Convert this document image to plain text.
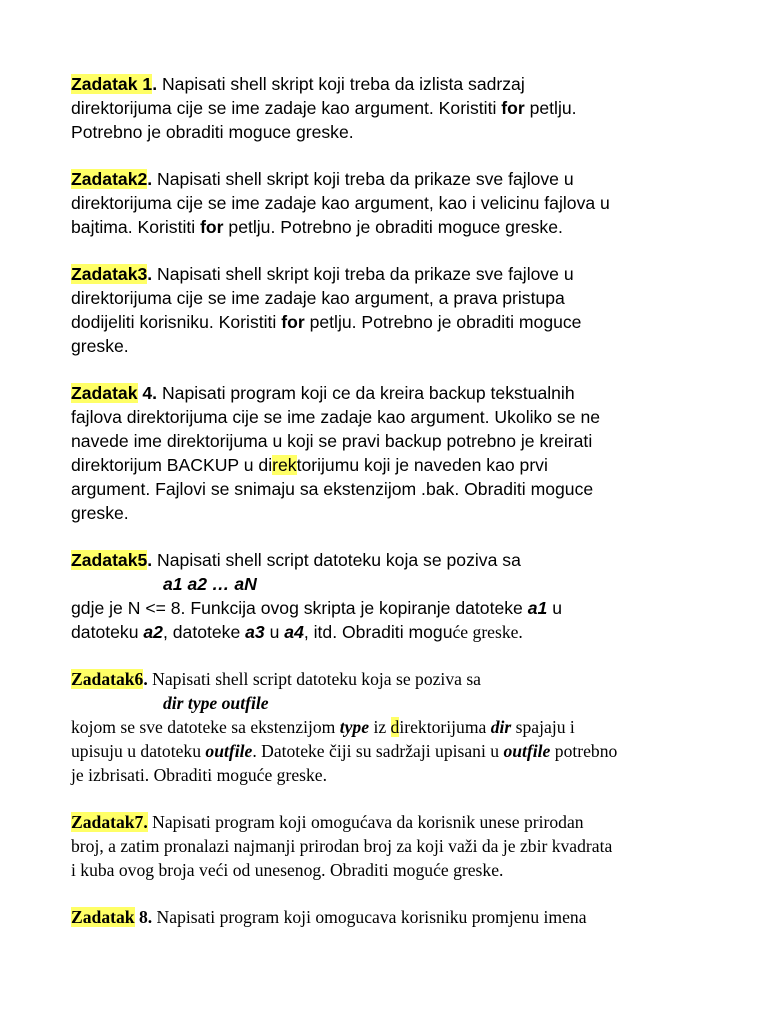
Zadatak 1. Napisati shell skript koji treba da izlista sadrzaj
direktorijuma cije se ime zadaje kao argument. Koristiti for petlju.
Potrebno je obraditi moguce greske.
Zadatak2. Napisati shell skript koji treba da prikaze sve fajlove u
direktorijuma cije se ime zadaje kao argument, kao i velicinu fajlova u
bajtima. Koristiti for petlju. Potrebno je obraditi moguce greske.
Zadatak3. Napisati shell skript koji treba da prikaze sve fajlove u
direktorijuma cije se ime zadaje kao argument, a prava pristupa
dodijeliti korisniku. Koristiti for petlju. Potrebno je obraditi moguce
greske.
Zadatak 4. Napisati program koji ce da kreira backup tekstualnih
fajlova direktorijuma cije se ime zadaje kao argument. Ukoliko se ne
navede ime direktorijuma u koji se pravi backup potrebno je kreirati
direktorijum BACKUP u direktorijumu koji je naveden kao prvi
argument. Fajlovi se snimaju sa ekstenzijom .bak. Obraditi moguce
greske.
Zadatak5. Napisati shell script datoteku koja se poziva sa
a1 a2 … aN
gdje je N <= 8. Funkcija ovog skripta je kopiranje datoteke a1 u
datoteku a2, datoteke a3 u a4, itd. Obraditi moguće greske.
Zadatak6. Napisati shell script datoteku koja se poziva sa
dir type outfile
kojom se sve datoteke sa ekstenzijom type iz direktorijuma dir spajaju i
upisuju u datoteku outfile. Datoteke čiji su sadržaji upisani u outfile potrebno
je izbrisati. Obraditi moguće greske.
Zadatak7. Napisati program koji omogućava da korisnik unese prirodan
broj, a zatim pronalazi najmanji prirodan broj za koji važi da je zbir kvadrata
i kuba ovog broja veći od unesenog. Obraditi moguće greske.
Zadatak 8. Napisati program koji omogucava korisniku promjenu imena
